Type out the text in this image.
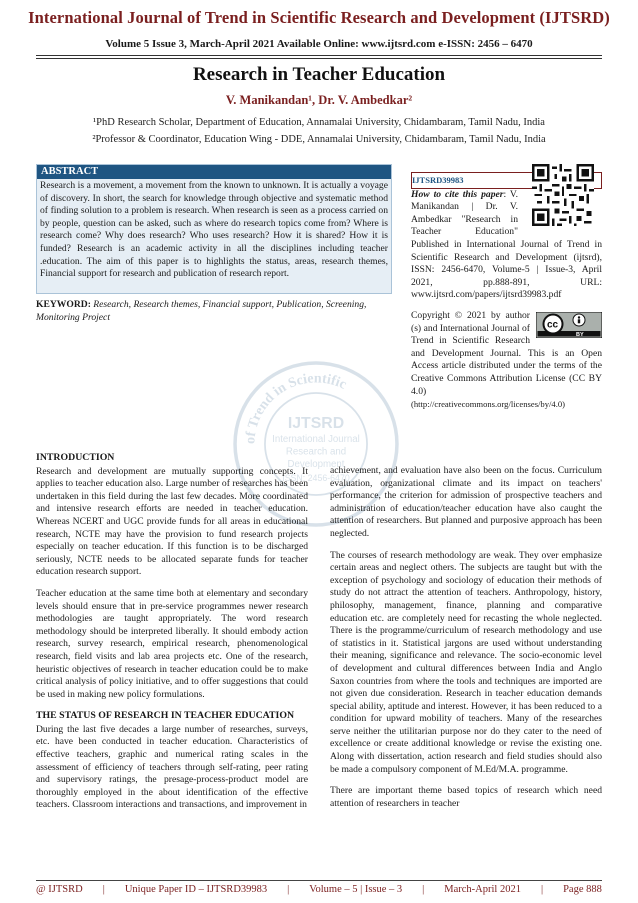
International Journal of Trend in Scientific Research and Development (IJTSRD)
Volume 5 Issue 3, March-April 2021 Available Online: www.ijtsrd.com e-ISSN: 2456 – 6470
Research in Teacher Education
V. Manikandan¹, Dr. V. Ambedkar²
¹PhD Research Scholar, Department of Education, Annamalai University, Chidambaram, Tamil Nadu, India
²Professor & Coordinator, Education Wing - DDE, Annamalai University, Chidambaram, Tamil Nadu, India
ABSTRACT
Research is a movement, a movement from the known to unknown. It is actually a voyage of discovery. In short, the search for knowledge through objective and systematic method of finding solution to a problem is research. When research is seen as a process carried on by people, question can be asked, such as where do research topics come from? Where is research come? Why does research? Who uses research? How it is shared? How it is funded? Research is an academic activity in all the disciplines including teacher .education. The aim of this paper is to highlights the status, areas, research themes, Financial support for research and publication of research report.
KEYWORD: Research, Research themes, Financial support, Publication, Screening, Monitoring Project

IJTSRD39983
How to cite this paper: V. Manikandan | Dr. V. Ambedkar "Research in Teacher Education" Published in International Journal of Trend in Scientific Research and Development (ijtsrd), ISSN: 2456-6470, Volume-5 | Issue-3, April 2021, pp.888-891, URL: www.ijtsrd.com/papers/ijtsrd39983.pdf

BY
cc
Copyright © 2021 by author (s) and International Journal of Trend in Scientific Research and Development Journal. This is an Open Access article distributed under the terms of the Creative Commons Attribution License (CC BY 4.0)
(http://creativecommons.org/licenses/by/4.0)

of Trend in Scientific
IJTSRD
International Journal
Research and
Development
ISSN: 2456-6470
INTRODUCTION

Research and development are mutually supporting concepts. It applies to teacher education also. Large number of researches has been undertaken in this field during the last few decades. More coordinated and intensive research efforts are needed in teacher education. Whereas NCERT and UGC provide funds for all areas in educational research, NCTE may have the provision to fund research projects especially on teacher education. If this function is to be discharged seriously, NCTE needs to be allocated separate funds for teacher education research support.

Teacher education at the same time both at elementary and secondary levels should ensure that in pre-service programmes newer research methodologies are taught appropriately. The word research methodology should be interpreted liberally. It should embody action research, survey research, empirical research, phenomenological research, field visits and lab area projects etc. One of the research, heuristic objectives of research in teacher education could be to make critical analysis of policy initiative, and to offer suggestions that could be used in making new policy formulations.

THE STATUS OF RESEARCH IN TEACHER EDUCATION

During the last five decades a large number of researches, surveys, etc. have been conducted in teacher education. Characteristics of effective teachers, graphic and numerical rating scales in the assessment of efficiency of teachers through self-rating, peer rating and supervisory ratings, the presage-process-product model are thoroughly employed in the about identification of the effective teachers. Classroom interactions and transactions, and improvement in

achievement, and evaluation have also been on the focus. Curriculum evaluation, organizational climate and its impact on teachers' performance, the criterion for admission of prospective teachers and administration of education/teacher education have also caught the attention of researchers. But planned and purposive approach has been neglected.

The courses of research methodology are weak. They over emphasize certain areas and neglect others. The subjects are taught but with the exception of psychology and sociology of education their methods of study do not attract the attention of teachers. Anthropology, history, philosophy, management, finance, planning and comparative education etc. are completely need for recasting the whole neglected. There is the programme/curriculum of research methodology and use of statistics in it. Statistical jargons are used without understanding their meaning, significance and relevance. The socio-economic level of development and cultural differences between India and Anglo Saxon countries from where the tools and techniques are imported are not given due consideration. Research in teacher education demands special ability, aptitude and interest. However, it has been reduced to a condition for upward mobility of teachers. Many of the researches serve neither the utilitarian purpose nor do they cater to the need of excellence or create additional knowledge or revise the existing one. Along with dissertation, action research and field studies should also be made a compulsory component of M.Ed/M.A. programme.

There are important theme based topics of research which need attention of researchers in teacher

@ IJTSRD | Unique Paper ID – IJTSRD39983 | Volume – 5 | Issue – 3 | March-April 2021 | Page 888
